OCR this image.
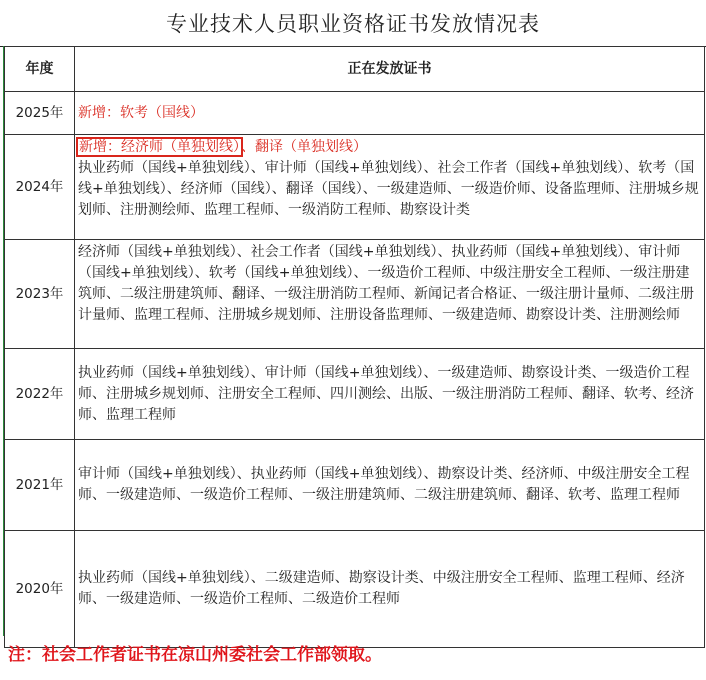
专业技术人员职业资格证书发放情况表
年度	正在发放证书
2025年	新增：软考（国线）
2024年	新增：经济师（单独划线）、翻译（单独划线）
执业药师（国线+单独划线）、审计师（国线+单独划线）、社会工作者（国线+单独划线）、软考（国线+单独划线）、经济师（国线）、翻译（国线）、一级建造师、一级造价师、设备监理师、注册城乡规划师、注册测绘师、监理工程师、一级消防工程师、勘察设计类

2023年	经济师（国线+单独划线）、社会工作者（国线+单独划线）、执业药师（国线+单独划线）、审计师（国线+单独划线）、软考（国线+单独划线）、一级造价工程师、中级注册安全工程师、一级注册建筑师、二级注册建筑师、翻译、一级注册消防工程师、新闻记者合格证、一级注册计量师、二级注册计量师、监理工程师、注册城乡规划师、注册设备监理师、一级建造师、勘察设计类、注册测绘师

2022年	执业药师（国线+单独划线）、审计师（国线+单独划线）、一级建造师、勘察设计类、一级造价工程师、注册城乡规划师、注册安全工程师、四川测绘、出版、一级注册消防工程师、翻译、软考、经济师、监理工程师

2021年	审计师（国线+单独划线）、执业药师（国线+单独划线）、勘察设计类、经济师、中级注册安全工程师、一级建造师、一级造价工程师、一级注册建筑师、二级注册建筑师、翻译、软考、监理工程师

2020年	执业药师（国线+单独划线）、二级建造师、勘察设计类、中级注册安全工程师、监理工程师、经济师、一级建造师、一级造价工程师、二级造价工程师
注：社会工作者证书在凉山州委社会工作部领取。
